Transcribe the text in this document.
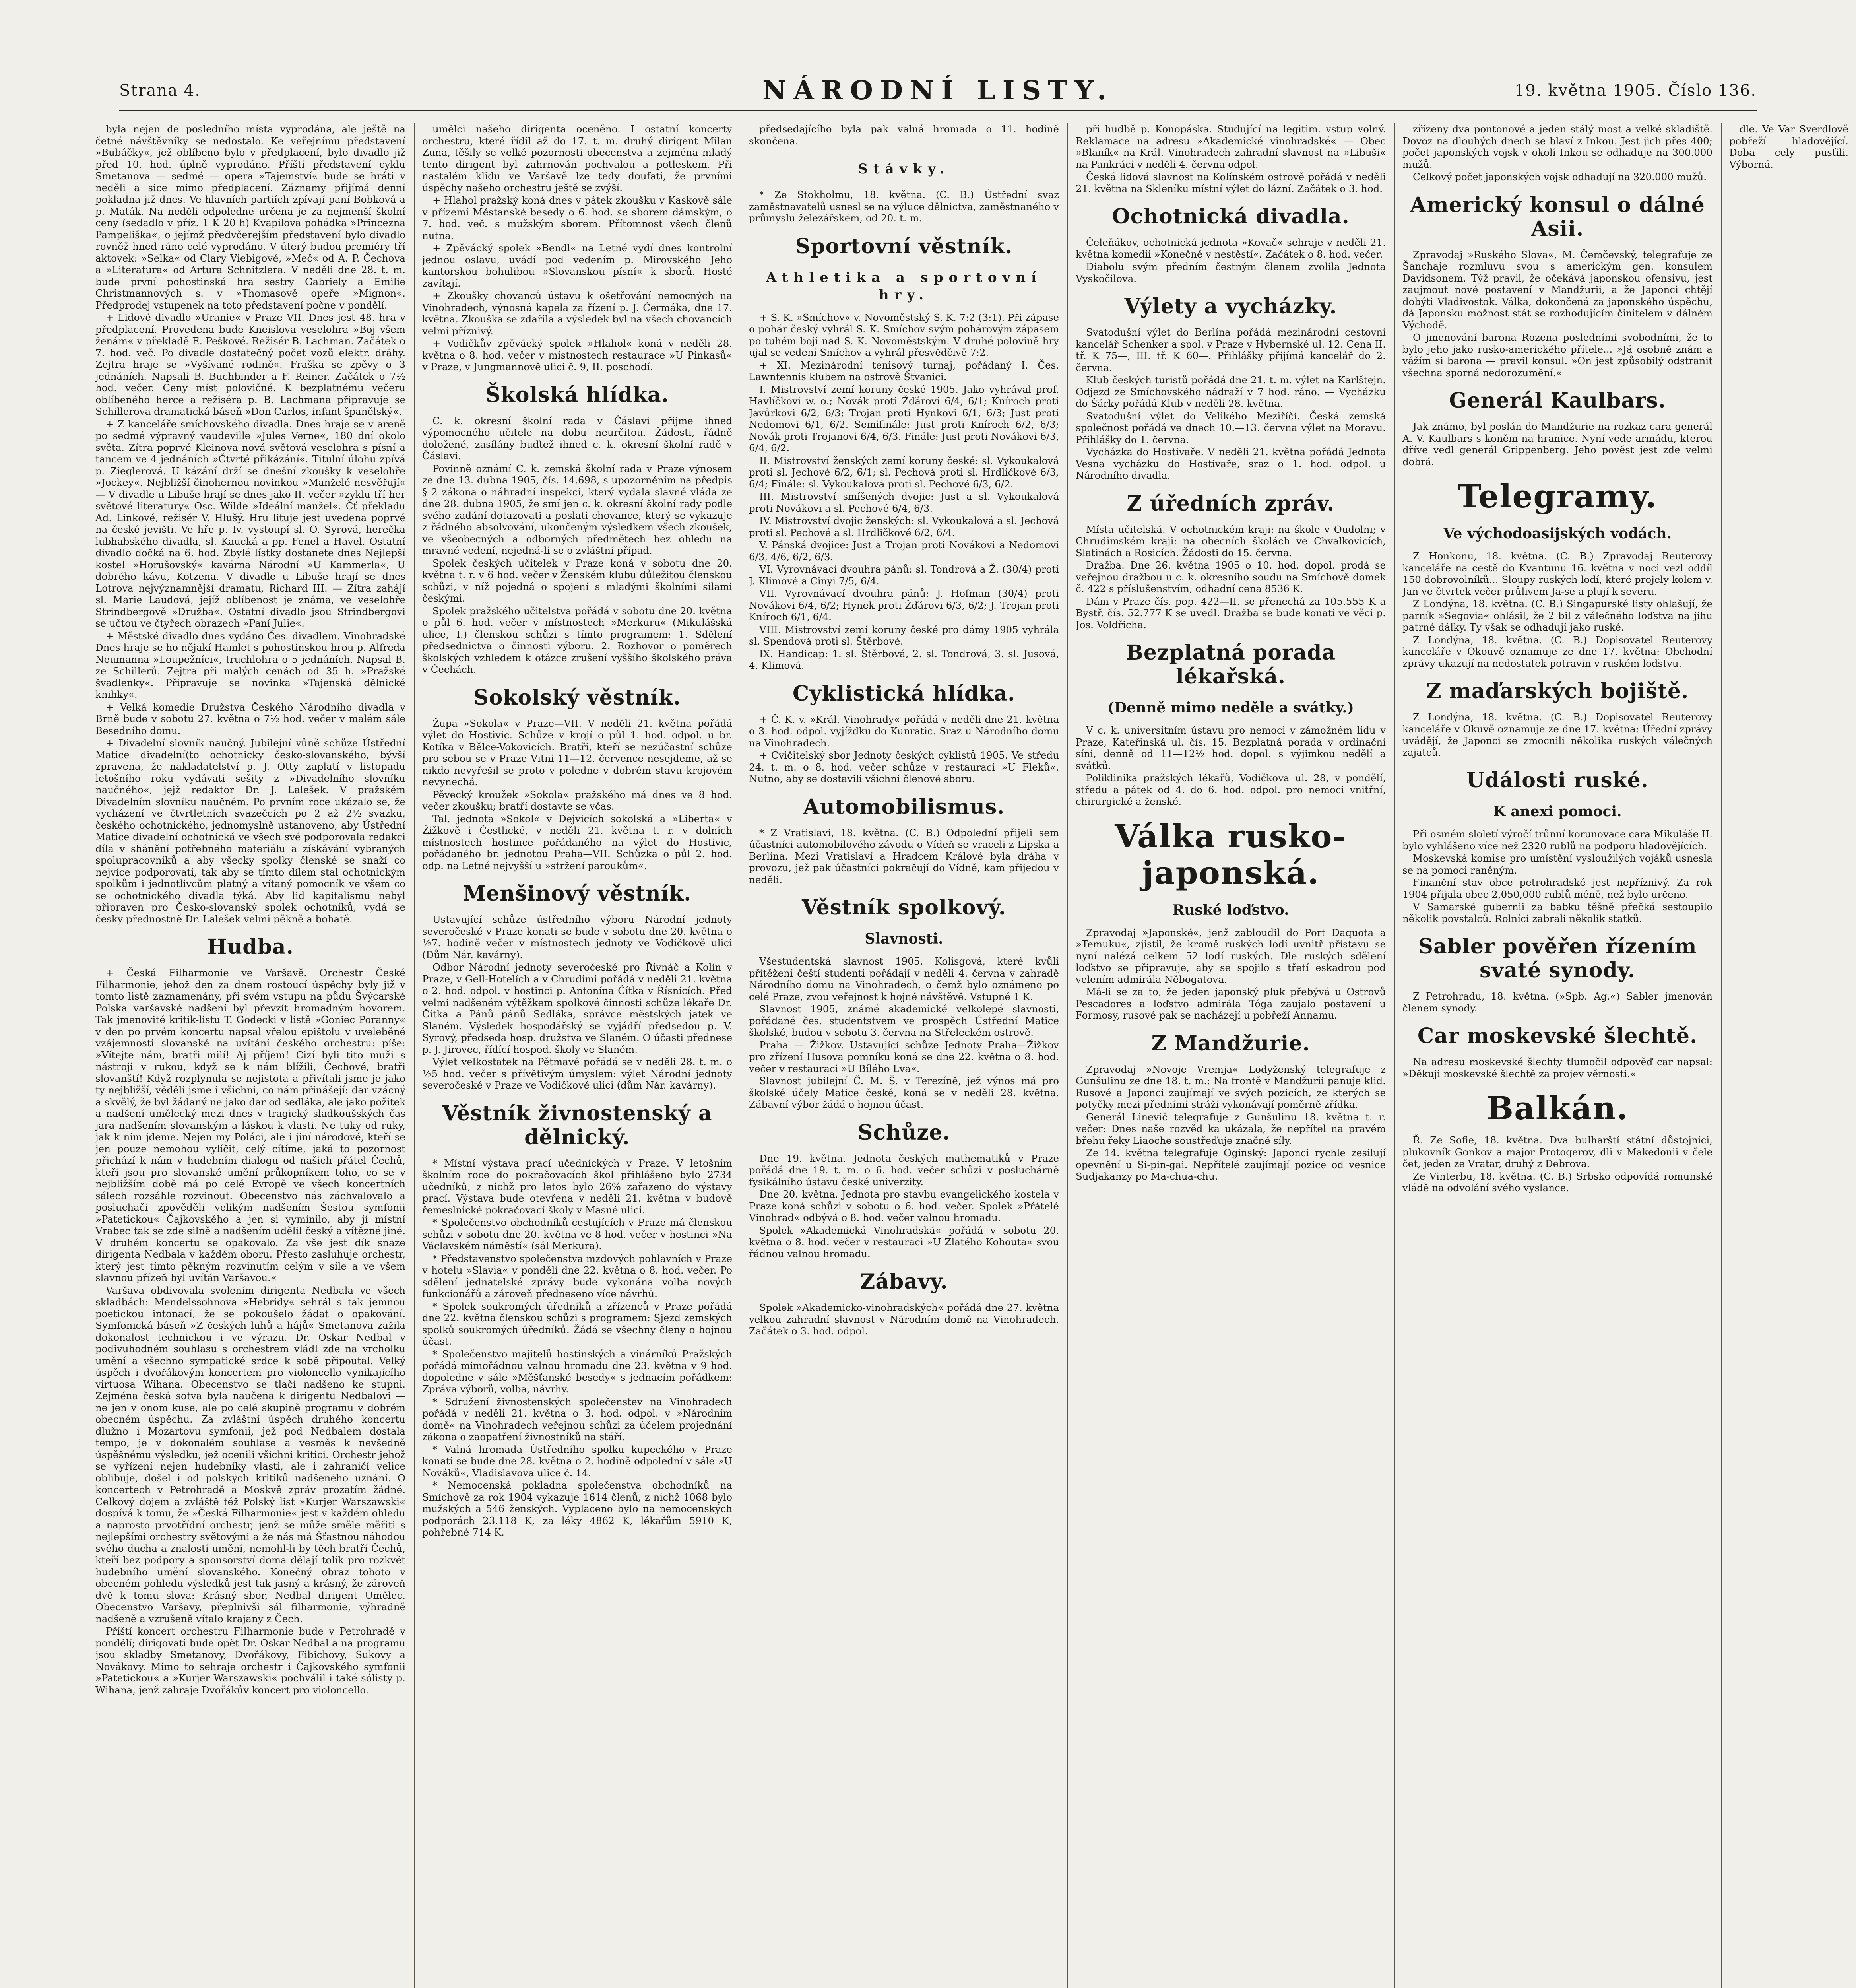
Strana 4.	NÁRODNÍ LISTY.	19. května 1905. Číslo 136.

byla nejen de posledního místa vyprodána, ale ještě na četné návštěvníky se nedostalo. Ke veřejnímu představení »Bubáčky«, jež oblíbeno bylo v předplacení, bylo divadlo již před 10. hod. úplně vyprodáno. Příští představení cyklu Smetanova — sedmé — opera »Tajemství« bude se hráti v neděli a sice mimo předplacení. Záznamy přijímá denní pokladna již dnes. Ve hlavních partiích zpívají paní Bobková a p. Maták. Na neděli odpoledne určena je za nejmenší školní ceny (sedadlo v příz. 1 K 20 h) Kvapilova pohádka »Princezna Pampeliška«, o jejímž předvčerejším představení bylo divadlo rovněž hned ráno celé vyprodáno. V úterý budou premiéry tří aktovek: »Selka« od Clary Viebigové, »Meč« od A. P. Čechova a »Literatura« od Artura Schnitzlera. V neděli dne 28. t. m. bude první pohostinská hra sestry Gabriely a Emilie Christmannových s. v »Thomasově opeře »Mignon«. Předprodej vstupenek na toto představení počne v pondělí.

+ Lidové divadlo »Uranie« v Praze VII. Dnes jest 48. hra v předplacení. Provedena bude Kneislova veselohra »Boj všem ženám« v překladě E. Peškové. Režisér B. Lachman. Začátek o 7. hod. več. Po divadle dostatečný počet vozů elektr. dráhy. Zejtra hraje se »Vyšívané rodině«. Fraška se zpěvy o 3 jednáních. Napsali B. Buchbinder a F. Reiner. Začátek o 7½ hod. večer. Ceny míst polovičné. K bezplatnému večeru oblíbeného herce a režiséra p. B. Lachmana připravuje se Schillerova dramatická báseň »Don Carlos, infant španělský«.

+ Z kanceláře smíchovského divadla. Dnes hraje se v areně po sedmé výpravný vaudeville »Jules Verne«, 180 dní okolo světa. Zítra poprvé Kleinova nová světová veselohra s písní a tancem ve 4 jednáních »Čtvrté přikázání«. Titulní úlohu zpívá p. Zieglerová. U kázání drží se dnešní zkoušky k veselohře »Jockey«. Nejbližší činohernou novinkou »Manželé nesvěřují« — V divadle u Libuše hrají se dnes jako II. večer »zyklu tří her světové literatury« Osc. Wilde »Ideální manžel«. Čť překladu Ad. Linkové, režisér V. Hlušý. Hru lituje jest uvedena poprvé na české jevišti. Ve hře p. Iv. vystoupí sl. O. Syrová, herečka lubhabského divadla, sl. Kaucká a pp. Fenel a Havel. Ostatní divadlo dočká na 6. hod. Zbylé lístky dostanete dnes Nejlepší kostel »Horušovský« kavárna Národní »U Kammerla«, U dobrého kávu, Kotzena. V divadle u Libuše hrají se dnes Lotrova nejvýznamnější dramatu, Richard III. — Zítra zahájí sl. Marie Laudová, jejíž oblíbenost je známa, ve veselohře Strindbergově »Družba«. Ostatní divadlo jsou Strindbergovi se učtou ve čtyřech obrazech »Paní Julie«.

+ Městské divadlo dnes vydáno Čes. divadlem. Vinohradské Dnes hraje se ho nějakí Hamlet s pohostinskou hrou p. Alfreda Neumanna »Loupežníci«, truchlohra o 5 jednáních. Napsal B. ze Schillerů. Zejtra při malých cenách od 35 h. »Pražské švadlenky«. Připravuje se novinka »Tajenská dělnické knihky«.

+ Velká komedie Družstva Českého Národního divadla v Brně bude v sobotu 27. května o 7½ hod. večer v malém sále Besedního domu.

+ Divadelní slovník naučný. Jubilejní vůně schůze Ústřední Matice divadelní(to ochotnicky česko-slovanského, bývší zpravena, že nakladatelství p. J. Otty zaplatí v listopadu letošního roku vydávati sešity z »Divadelního slovníku naučného«, jejž redaktor Dr. J. Lalešek. V pražském Divadelním slovníku naučném. Po prvním roce ukázalo se, že vycházení ve čtvrtletních svazečcích po 2 až 2½ svazku, českého ochotnického, jednomyslně ustanoveno, aby Ústřední Matice divadelní ochotnická ve všech své podporovala redakci díla v shánění potřebného materiálu a získávání vybraných spolupracovníků a aby všecky spolky členské se snaží co nejvíce podporovati, tak aby se tímto dílem stal ochotnickým spolkům i jednotlivcům platný a vítaný pomocník ve všem co se ochotnického divadla týká. Aby lid kapitalismu nebyl připraven pro Česko-slovanský spolek ochotníků, vydá se česky přednostně Dr. Lalešek velmi pěkně a bohatě.

Hudba.

+ Česká Filharmonie ve Varšavě. Orchestr České Filharmonie, jehož den za dnem rostoucí úspěchy byly již v tomto listě zaznamenány, při svém vstupu na půdu Švýcarské Polska varšavské nadšení byl převzít hromadným hovorem. Tak jmenovité kritik-listu T. Godecki v listě »Goniec Poranny« v den po prvém koncertu napsal vřelou epištolu v uveleběné vzájemnosti slovanské na uvítání českého orchestru: píše: »Vítejte nám, bratři milí! Aj příjem! Cizí byli tito muži s nástroji v rukou, když se k nám blížili, Čechové, bratři slovanští! Když rozplynula se nejistota a přivítali jsme je jako ty nejbližší, věděli jsme i všichni, co nám přinášejí: dar vzácný a skvělý, že byl žádaný ne jako dar od sedláka, ale jako požitek a nadšení umělecký mezi dnes v tragický sladkoušských čas jara nadšením slovanským a láskou k vlasti. Ne tuky od ruky, jak k nim jdeme. Nejen my Poláci, ale i jiní národové, kteří se jen pouze nemohou vylíčit, celý cítíme, jaká to pozornost přichází k nám v hudebním dialogu od našich přátel Čechů, kteří jsou pro slovanské umění průkopníkem toho, co se v nejbližším době má po celé Evropě ve všech koncertních sálech rozsáhle rozvinout. Obecenstvo nás záchvalovalo a posluchači zpověděli velikým nadšením Šestou symfonii »Patetickou« Čajkovského a jen si vymínilo, aby jí místní Vrabec tak se zde silně a nadšením udělil český a vítězné jiné. V druhém koncertu se opakovalo. Za vše jest dík snaze dirigenta Nedbala v každém oboru. Přesto zasluhuje orchestr, který jest tímto pěkným rozvinutím celým v síle a ve všem slavnou přízeň byl uvítán Varšavou.«

Varšava obdivovala svolením dirigenta Nedbala ve všech skladbách: Mendelssohnova »Hebridy« sehrál s tak jemnou poetickou intonací, že se pokoušelo žádat o opakování. Symfonická báseň »Z českých luhů a hájů« Smetanova zažila dokonalost technickou i ve výrazu. Dr. Oskar Nedbal v podivuhodném souhlasu s orchestrem vládl zde na vrcholku umění a všechno sympatické srdce k sobě připoutal. Velký úspěch i dvořákovým koncertem pro violoncello vynikajícího virtuosa Wihana. Obecenstvo se tlačí nadšeno ke stupni. Zejména česká sotva byla naučena k dirigentu Nedbalovi — ne jen v onom kuse, ale po celé skupině programu v dobrém obecném úspěchu. Za zvláštní úspěch druhého koncertu dlužno i Mozartovu symfonii, jež pod Nedbalem dostala tempo, je v dokonalém souhlase a vesměs k nevšedně úspěšnému výsledku, jež ocenili všichni kritici. Orchestr jehož se vyřízení nejen hudebníky vlasti, ale i zahraničí velice oblibuje, došel i od polských kritiků nadšeného uznání. O koncertech v Petrohradě a Moskvě zpráv prozatím žádné. Celkový dojem a zvláště též Polský list »Kurjer Warszawski« dospívá k tomu, že »Česká Filharmonie« jest v každém ohledu a naprosto prvotřídní orchestr, jenž se může směle měřiti s nejlepšími orchestry světovými a že nás má Šťastnou náhodou svého ducha a znalostí umění, nemohl-li by těch bratří Čechů, kteří bez podpory a sponsorství doma dělají tolik pro rozkvět hudebního umění slovanského. Konečný obraz tohoto v obecném pohledu výsledků jest tak jasný a krásný, že zároveň dvě k tomu slova: Krásný sbor, Nedbal dirigent Umělec. Obecenstvo Varšavy, přeplnivši sál filharmonie, výhradně nadšeně a vzrušeně vítalo krajany z Čech.

Příští koncert orchestru Filharmonie bude v Petrohradě v pondělí; dirigovati bude opět Dr. Oskar Nedbal a na programu jsou skladby Smetanovy, Dvořákovy, Fibichovy, Sukovy a Novákovy. Mimo to sehraje orchestr i Čajkovského symfonii »Patetickou« a »Kurjer Warszawski« pochválil i také sólisty p. Wihana, jenž zahraje Dvořákův koncert pro violoncello.

umělci našeho dirigenta oceněno. I ostatní koncerty orchestru, které řídil až do 17. t. m. druhý dirigent Milan Zuna, těšily se velké pozornosti obecenstva a zejména mladý tento dirigent byl zahrnován pochvalou a potleskem. Při nastalém klidu ve Varšavě lze tedy doufati, že prvními úspěchy našeho orchestru ještě se zvýší.

+ Hlahol pražský koná dnes v pátek zkoušku v Kaskově sále v přízemí Městanské besedy o 6. hod. se sborem dámským, o 7. hod. več. s mužským sborem. Přítomnost všech členů nutna.

+ Zpěvácký spolek »Bendl« na Letné vydí dnes kontrolní jednou oslavu, uvádí pod vedením p. Mirovského Jeho kantorskou bohulibou »Slovanskou písní« k sborů. Hosté zavítají.

+ Zkoušky chovanců ústavu k ošetřování nemocných na Vinohradech, výnosná kapela za řízení p. J. Čermáka, dne 17. května. Zkouška se zdařila a výsledek byl na všech chovancích velmi příznivý.

+ Vodičkův zpěvácký spolek »Hlahol« koná v neděli 28. května o 8. hod. večer v místnostech restaurace »U Pinkasů« v Praze, v Jungmannově ulici č. 9, II. poschodí.

Školská hlídka.

C. k. okresní školní rada v Čáslavi přijme ihned výpomocného učitele na dobu neurčitou. Žádosti, řádně doložené, zasílány buďtež ihned c. k. okresní školní radě v Čáslavi.

Povinně oznámí C. k. zemská školní rada v Praze výnosem ze dne 13. dubna 1905, čís. 14.698, s upozorněním na předpis § 2 zákona o náhradní inspekci, který vydala slavné vláda ze dne 28. dubna 1905, že smí jen c. k. okresní školní rady podle svého zadání dotazovati a poslati chovance, který se vykazuje z řádného absolvování, ukončeným výsledkem všech zkoušek, ve všeobecných a odborných předmětech bez ohledu na mravné vedení, nejedná-li se o zvláštní případ.

Spolek českých učitelek v Praze koná v sobotu dne 20. května t. r. v 6 hod. večer v Ženském klubu důležitou členskou schůzi, v níž pojedná o spojení s mladými školními silami českými.

Spolek pražského učitelstva pořádá v sobotu dne 20. května o půl 6. hod. večer v místnostech »Merkuru« (Mikulášská ulice, I.) členskou schůzi s tímto programem: 1. Sdělení předsednictva o činnosti výboru. 2. Rozhovor o poměrech školských vzhledem k otázce zrušení vyššího školského práva v Čechách.

Sokolský věstník.

Župa »Sokola« v Praze—VII. V neděli 21. května pořádá výlet do Hostivic. Schůze v krojí o půl 1. hod. odpol. u br. Kotíka v Bělce-Vokovicích. Bratři, kteří se nezúčastní schůze pro sebou se v Praze Vitni 11—12. července nesejdeme, až se nikdo nevyřešil se proto v poledne v dobrém stavu krojovém nevynechá.

Pěvecký kroužek »Sokola« pražského má dnes ve 8 hod. večer zkoušku; bratří dostavte se včas.

Tal. jednota »Sokol« v Dejvicích sokolská a »Liberta« v Žižkově i Čestlické, v neděli 21. května t. r. v dolních místnostech hostince pořádaného na výlet do Hostivic, pořádaného br. jednotou Praha—VII. Schůzka o půl 2. hod. odp. na Letné nejvyšší u »stržení paroukům«.

Menšinový věstník.

Ustavující schůze ústředního výboru Národní jednoty severočeské v Praze konati se bude v sobotu dne 20. května o ½7. hodině večer v místnostech jednoty ve Vodičkově ulici (Dům Nár. kavárny).

Odbor Národní jednoty severočeské pro Řivnáč a Kolín v Praze, v Gell-Hotelích a v Chrudimi pořádá v neděli 21. května o 2. hod. odpol. v hostinci p. Antonína Čítka v Řísnicích. Před velmi nadšeném výtěžkem spolkové činnosti schůze lékaře Dr. Čítka a Pánů pánů Sedláka, správce městských jatek ve Slaném. Výsledek hospodářský se vyjádří předsedou p. V. Syrový, předseda hosp. družstva ve Slaném. O účasti přednese p. J. Jirovec, řídící hospod. školy ve Slaném.

Výlet velkostatek na Pětmavé pořádá se v neděli 28. t. m. o ½5 hod. večer s přívětivým úmyslem: výlet Národní jednoty severočeské v Praze ve Vodičkově ulici (dům Nár. kavárny).

Věstník živnostenský a dělnický.

* Místní výstava prací učedníckých v Praze. V letošním školním roce do pokračovacích škol přihlášeno bylo 2734 učedníků, z nichž pro letos bylo 26% zařazeno do výstavy prací. Výstava bude otevřena v neděli 21. května v budově řemeslnické pokračovací školy v Masné ulici.

* Společenstvo obchodníků cestujících v Praze má členskou schůzi v sobotu dne 20. května ve 8 hod. večer v hostinci »Na Václavském náměstí« (sál Merkura).

* Představenstvo společenstva mzdových pohlavních v Praze v hotelu »Slavia« v pondělí dne 22. května o 8. hod. večer. Po sdělení jednatelské zprávy bude vykonána volba nových funkcionářů a zároveň předneseno více návrhů.

* Spolek soukromých úředníků a zřízenců v Praze pořádá dne 22. května členskou schůzi s programem: Sjezd zemských spolků soukromých úředníků. Žádá se všechny členy o hojnou účast.

* Společenstvo majitelů hostinských a vinárníků Pražských pořádá mimořádnou valnou hromadu dne 23. května v 9 hod. dopoledne v sále »Měšťanské besedy« s jednacím pořádkem: Zpráva výborů, volba, návrhy.

* Sdružení živnostenských společenstev na Vinohradech pořádá v neděli 21. května o 3. hod. odpol. v »Národním domě« na Vinohradech veřejnou schůzi za účelem projednání zákona o zaopatření živnostníků na stáří.

* Valná hromada Ústředního spolku kupeckého v Praze konati se bude dne 28. května o 2. hodině odpolední v sále »U Nováků«, Vladislavova ulice č. 14.

* Nemocenská pokladna společenstva obchodníků na Smíchově za rok 1904 vykazuje 1614 členů, z nichž 1068 bylo mužských a 546 ženských. Vyplaceno bylo na nemocenských podporách 23.118 K, za léky 4862 K, lékařům 5910 K, pohřebné 714 K.

předsedajícího byla pak valná hromada o 11. hodině skončena.

Stávky.

* Ze Stokholmu, 18. května. (C. B.) Ústřední svaz zaměstnavatelů usnesl se na výluce dělnictva, zaměstnaného v průmyslu železářském, od 20. t. m.

Sportovní věstník.
Athletika a sportovní hry.

+ S. K. »Smíchov« v. Novoměstský S. K. 7:2 (3:1). Při zápase o pohár český vyhrál S. K. Smíchov svým pohárovým zápasem po tuhém boji nad S. K. Novoměstským. V druhé polovině hry ujal se vedení Smíchov a vyhrál přesvědčivě 7:2.

+ XI. Mezinárodní tenisový turnaj, pořádaný I. Čes. Lawntennis klubem na ostrově Štvanici.

I. Mistrovství zemí koruny české 1905. Jako vyhrával prof. Havlíčkovi w. o.; Novák proti Žďárovi 6/4, 6/1; Kníroch proti Javůrkovi 6/2, 6/3; Trojan proti Hynkovi 6/1, 6/3; Just proti Nedomovi 6/1, 6/2. Semifinále: Just proti Kníroch 6/2, 6/3; Novák proti Trojanovi 6/4, 6/3. Finále: Just proti Novákovi 6/3, 6/4, 6/2.

II. Mistrovství ženských zemí koruny české: sl. Vykoukalová proti sl. Jechové 6/2, 6/1; sl. Pechová proti sl. Hrdličkové 6/3, 6/4; Finále: sl. Vykoukalová proti sl. Pechové 6/3, 6/2.

III. Mistrovství smíšených dvojic: Just a sl. Vykoukalová proti Novákovi a sl. Pechové 6/4, 6/3.

IV. Mistrovství dvojic ženských: sl. Vykoukalová a sl. Jechová proti sl. Pechové a sl. Hrdličkové 6/2, 6/4.

V. Pánská dvojice: Just a Trojan proti Novákovi a Nedomovi 6/3, 4/6, 6/2, 6/3.

VI. Vyrovnávací dvouhra pánů: sl. Tondrová a Ž. (30/4) proti J. Klimové a Cinyi 7/5, 6/4.

VII. Vyrovnávací dvouhra pánů: J. Hofman (30/4) proti Novákovi 6/4, 6/2; Hynek proti Žďárovi 6/3, 6/2; J. Trojan proti Kníroch 6/1, 6/4.

VIII. Mistrovství zemí koruny české pro dámy 1905 vyhrála sl. Spendová proti sl. Štěrbové.

IX. Handicap: 1. sl. Štěrbová, 2. sl. Tondrová, 3. sl. Jusová, 4. Klimová.

Cyklistická hlídka.

+ Č. K. v. »Král. Vinohrady« pořádá v neděli dne 21. května o 3. hod. odpol. vyjížďku do Kunratic. Sraz u Národního domu na Vinohradech.

+ Cvičitelský sbor Jednoty českých cyklistů 1905. Ve středu 24. t. m. o 8. hod. večer schůze v restauraci »U Fleků«. Nutno, aby se dostavili všichni členové sboru.

Automobilismus.

* Z Vratislavi, 18. května. (C. B.) Odpolední přijeli sem účastníci automobilového závodu o Vídeň se vraceli z Lipska a Berlína. Mezi Vratislaví a Hradcem Králové byla dráha v provozu, jež pak účastníci pokračují do Vídně, kam přijedou v neděli.

Věstník spolkový.
Slavnosti.

Všestudentská slavnost 1905. Kolisgová, které kvůli přítěžení čeští studenti pořádají v neděli 4. června v zahradě Národního domu na Vinohradech, o čemž bylo oznámeno po celé Praze, zvou veřejnost k hojné návštěvě. Vstupné 1 K.

Slavnost 1905, známé akademické velkolepé slavnosti, pořádané čes. studentstvem ve prospěch Ústřední Matice školské, budou v sobotu 3. června na Střeleckém ostrově.

Praha — Žižkov. Ustavující schůze Jednoty Praha—Žižkov pro zřízení Husova pomníku koná se dne 22. května o 8. hod. večer v restauraci »U Bílého Lva«.

Slavnost jubilejní Č. M. Š. v Terezíně, jež výnos má pro školské účely Matice české, koná se v neděli 28. května. Zábavní výbor žádá o hojnou účast.

Schůze.

Dne 19. května. Jednota českých mathematiků v Praze pořádá dne 19. t. m. o 6. hod. večer schůzi v posluchárně fysikálního ústavu české univerzity.

Dne 20. května. Jednota pro stavbu evangelického kostela v Praze koná schůzi v sobotu o 6. hod. večer. Spolek »Přátelé Vinohrad« odbývá o 8. hod. večer valnou hromadu.

Spolek »Akademická Vinohradská« pořádá v sobotu 20. května o 8. hod. večer v restauraci »U Zlatého Kohouta« svou řádnou valnou hromadu.

Zábavy.

Spolek »Akademicko-vinohradských« pořádá dne 27. května velkou zahradní slavnost v Národním domě na Vinohradech. Začátek o 3. hod. odpol.

při hudbě p. Konopáska. Studující na legitim. vstup volný. Reklamace na adresu »Akademické vinohradské« — Obec »Blaník« na Král. Vinohradech zahradní slavnost na »Libuši« na Pankráci v neděli 4. června odpol.

Česká lidová slavnost na Kolínském ostrově pořádá v neděli 21. května na Skleníku místní výlet do lázní. Začátek o 3. hod.

Ochotnická divadla.

Čeleňákov, ochotnická jednota »Kovač« sehraje v neděli 21. května komedii »Konečně v nestěstí«. Začátek o 8. hod. večer.

Diabolu svým předním čestným členem zvolila Jednota Vyskočilova.

Výlety a vycházky.

Svatodušní výlet do Berlína pořádá mezinárodní cestovní kancelář Schenker a spol. v Praze v Hybernské ul. 12. Cena II. tř. K 75—, III. tř. K 60—. Přihlášky přijímá kancelář do 2. června.

Klub českých turistů pořádá dne 21. t. m. výlet na Karlštejn. Odjezd ze Smíchovského nádraží v 7 hod. ráno. — Vycházku do Šárky pořádá Klub v neděli 28. května.

Svatodušní výlet do Velikého Meziříčí. Česká zemská společnost pořádá ve dnech 10.—13. června výlet na Moravu. Přihlášky do 1. června.

Vycházka do Hostivaře. V neděli 21. května pořádá Jednota Vesna vycházku do Hostivaře, sraz o 1. hod. odpol. u Národního divadla.

Z úředních zpráv.

Místa učitelská. V ochotnickém kraji: na škole v Oudolni; v Chrudimském kraji: na obecních školách ve Chvalkovicích, Slatinách a Rosicích. Žádosti do 15. června.

Dražba. Dne 26. května 1905 o 10. hod. dopol. prodá se veřejnou dražbou u c. k. okresního soudu na Smíchově domek č. 422 s příslušenstvím, odhadní cena 8536 K.

Dám v Praze čís. pop. 422—II. se přenechá za 105.555 K a Bystř. čís. 52.777 K se uvedl. Dražba se bude konati ve věci p. Jos. Voldřicha.

Bezplatná porada lékařská.
(Denně mimo neděle a svátky.)

V c. k. universitním ústavu pro nemoci v zámožném lidu v Praze, Kateřinská ul. čís. 15. Bezplatná porada v ordinační síni, denně od 11—12½ hod. dopol. s výjimkou nedělí a svátků.

Poliklinika pražských lékařů, Vodičkova ul. 28, v pondělí, středu a pátek od 4. do 6. hod. odpol. pro nemoci vnitřní, chirurgické a ženské.

Válka rusko-japonská.
Ruské loďstvo.

Zpravodaj »Japonské«, jenž zabloudil do Port Daquota a »Temuku«, zjistil, že kromě ruských lodí uvnitř přístavu se nyní nalézá celkem 52 lodí ruských. Dle ruských sdělení loďstvo se připravuje, aby se spojilo s třetí eskadrou pod velením admirála Něbogatova.

Má-li se za to, že jeden japonský pluk přebývá u Ostrovů Pescadores a loďstvo admirála Tóga zaujalo postavení u Formosy, rusové pak se nacházejí u pobřeží Annamu.

Z Mandžurie.

Zpravodaj »Novoje Vremja« Lodyženský telegrafuje z Gunšulinu ze dne 18. t. m.: Na frontě v Mandžurii panuje klid. Rusové a Japonci zaujímají ve svých pozicích, ze kterých se potyčky mezi předními stráži vykonávají poměrně zřídka.

Generál Linevič telegrafuje z Gunšulinu 18. května t. r. večer: Dnes naše rozvěd ka ukázala, že nepřítel na pravém břehu řeky Liaoche soustřeďuje značné síly.

Ze 14. května telegrafuje Oginský: Japonci rychle zesilují opevnění u Si-pin-gai. Nepřítelé zaujímají pozice od vesnice Sudjakanzy po Ma-chua-chu.

zřízeny dva pontonové a jeden stálý most a velké skladiště. Dovoz na dlouhých dnech se blaví z Inkou. Jest jich přes 400; počet japonských vojsk v okolí Inkou se odhaduje na 300.000 mužů.

Celkový počet japonských vojsk odhadují na 320.000 mužů.

Americký konsul o dálné Asii.

Zpravodaj »Ruského Slova«, M. Čemčevský, telegrafuje ze Šanchaje rozmluvu svou s americkým gen. konsulem Davidsonem. Týž pravil, že očekává japonskou ofensivu, jest zaujmout nové postavení v Mandžurii, a že Japonci chtějí dobýti Vladivostok. Válka, dokončená za japonského úspěchu, dá Japonsku možnost stát se rozhodujícím činitelem v dálném Východě.

O jmenování barona Rozena posledními svobodními, že to bylo jeho jako rusko-amerického přítele... »Já osobně znám a vážím si barona — pravil konsul. »On jest způsobilý odstranit všechna sporná nedorozumění.«

Generál Kaulbars.

Jak známo, byl poslán do Mandžurie na rozkaz cara generál A. V. Kaulbars s koněm na hranice. Nyní vede armádu, kterou dříve vedl generál Grippenberg. Jeho pověst jest zde velmi dobrá.

Telegramy.
Ve východoasijských vodách.

Z Honkonu, 18. května. (C. B.) Zpravodaj Reuterovy kanceláře na cestě do Kvantunu 16. května v noci vezl oddíl 150 dobrovolníků... Sloupy ruských lodí, které projely kolem v. Jan ve čtvrtek večer průlivem Ja-se a plují k severu.

Z Londýna, 18. května. (C. B.) Singapurské listy ohlašují, že parník »Segovia« ohlásil, že 2 bil z válečného loďstva na jihu patrné dálky. Ty však se odhadují jako ruské.

Z Londýna, 18. května. (C. B.) Dopisovatel Reuterovy kanceláře v Okouvě oznamuje ze dne 17. května: Obchodní zprávy ukazují na nedostatek potravin v ruském loďstvu.

Z maďarských bojiště.

Z Londýna, 18. května. (C. B.) Dopisovatel Reuterovy kanceláře v Okuvě oznamuje ze dne 17. května: Úřední zprávy uvádějí, že Japonci se zmocnili několika ruských válečných zajatců.

Události ruské.
K anexi pomoci.

Při osmém sloletí výročí trůnní korunovace cara Mikuláše II. bylo vyhlášeno více než 2320 rublů na podporu hladovějících.

Moskevská komise pro umístění vysloužilých vojáků usnesla se na pomoci raněným.

Finanční stav obce petrohradské jest nepříznivý. Za rok 1904 přijala obec 2,050,000 rublů méně, než bylo určeno.

V Samarské gubernii za babku těšně přečká sestoupilo několik povstalců. Rolníci zabrali několik statků.

Sabler pověřen řízením svaté synody.

Z Petrohradu, 18. května. (»Spb. Ag.«) Sabler jmenován členem synody.

Car moskevské šlechtě.

Na adresu moskevské šlechty tlumočil odpověď car napsal: »Děkuji moskevské šlechtě za projev věrnosti.«

Balkán.

Ř. Ze Sofie, 18. května. Dva bulharští státní důstojníci, plukovník Gonkov a major Protogerov, dli v Makedonii v čele čet, jeden ze Vratar, druhý z Debrova.

Ze Vinterbu, 18. května. (C. B.) Srbsko odpovídá romunské vládě na odvolání svého vyslance.

dle. Ve Var Sverdlově pobřeží hladovějící. Doba cely pusťili. Výborná.
